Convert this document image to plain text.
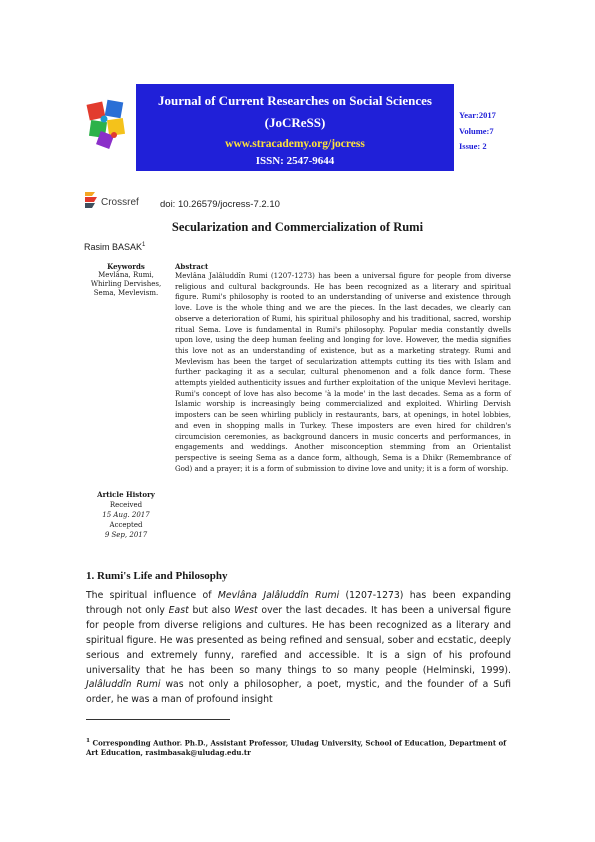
Journal of Current Researches on Social Sciences
(JoCReSS)
www.stracademy.org/jocress
ISSN: 2547-9644
Year:2017
Volume:7
Issue: 2
Crossref doi: 10.26579/jocress-7.2.10
Secularization and Commercialization of Rumi
Rasim BASAK$^1$
Keywords
Mevlâna, Rumi, Whirling Dervishes, Sema, Mevlevism.
Article History
Received
15 Aug. 2017
Accepted
9 Sep, 2017
Abstract

Mevlâna Jalâluddîn Rumi (1207-1273) has been a universal figure for people from diverse religious and cultural backgrounds. He has been recognized as a literary and spiritual figure. Rumi's philosophy is rooted to an understanding of universe and existence through love. Love is the whole thing and we are the pieces. In the last decades, we clearly can observe a deterioration of Rumi, his spiritual philosophy and his traditional, sacred, worship ritual Sema. Love is fundamental in Rumi's philosophy. Popular media constantly dwells upon love, using the deep human feeling and longing for love. However, the media signifies this love not as an understanding of existence, but as a marketing strategy. Rumi and Mevlevism has been the target of secularization attempts cutting its ties with Islam and further packaging it as a secular, cultural phenomenon and a folk dance form. These attempts yielded authenticity issues and further exploitation of the unique Mevlevi heritage. Rumi's concept of love has also become 'à la mode' in the last decades. Sema as a form of Islamic worship is increasingly being commercialized and exploited. Whirling Dervish imposters can be seen whirling publicly in restaurants, bars, at openings, in hotel lobbies, and even in shopping malls in Turkey. These imposters are even hired for children's circumcision ceremonies, as background dancers in music concerts and performances, in engagements and weddings. Another misconception stemming from an Orientalist perspective is seeing Sema as a dance form, although, Sema is a Dhikr (Remembrance of God) and a prayer; it is a form of submission to divine love and unity; it is a form of worship.

1. Rumi's Life and Philosophy

The spiritual influence of Mevlâna Jalâluddîn Rumi (1207-1273) has been expanding through not only East but also West over the last decades. It has been a universal figure for people from diverse religions and cultures. He has been recognized as a literary and spiritual figure. He was presented as being refined and sensual, sober and ecstatic, deeply serious and extremely funny, rarefied and accessible. It is a sign of his profound universality that he has been so many things to so many people (Helminski, 1999). Jalâluddîn Rumi was not only a philosopher, a poet, mystic, and the founder of a Sufi order, he was a man of profound insight

$^1$ Corresponding Author. Ph.D., Assistant Professor, Uludag University, School of Education, Department of Art Education, rasimbasak@uludag.edu.tr
